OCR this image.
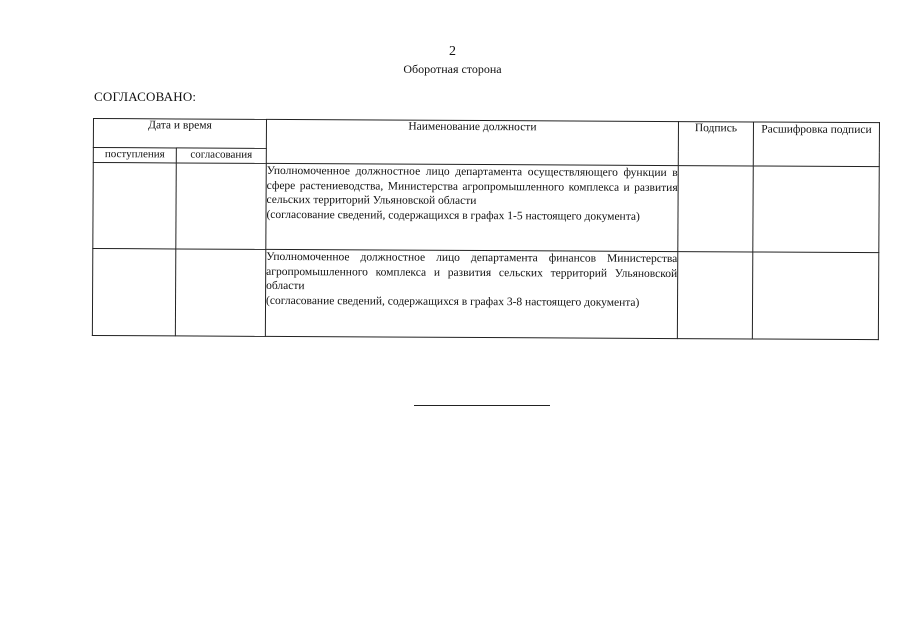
2
Оборотная сторона
СОГЛАСОВАНО:
Дата и время		Наименование должности	Подпись	Расшифровка подписи
поступления	согласования			

		Уполномоченное должностное лицо департамента осуществляющего функции в сфере растениеводства, Министерства агропромышленного комплекса и развития сельских территорий Ульяновской области
(согласование сведений, содержащихся в графах 1-5 настоящего документа)		

		Уполномоченное должностное лицо департамента финансов Министерства агропромышленного комплекса и развития сельских территорий Ульяновской области
(согласование сведений, содержащихся в графах 3-8 настоящего документа)		
